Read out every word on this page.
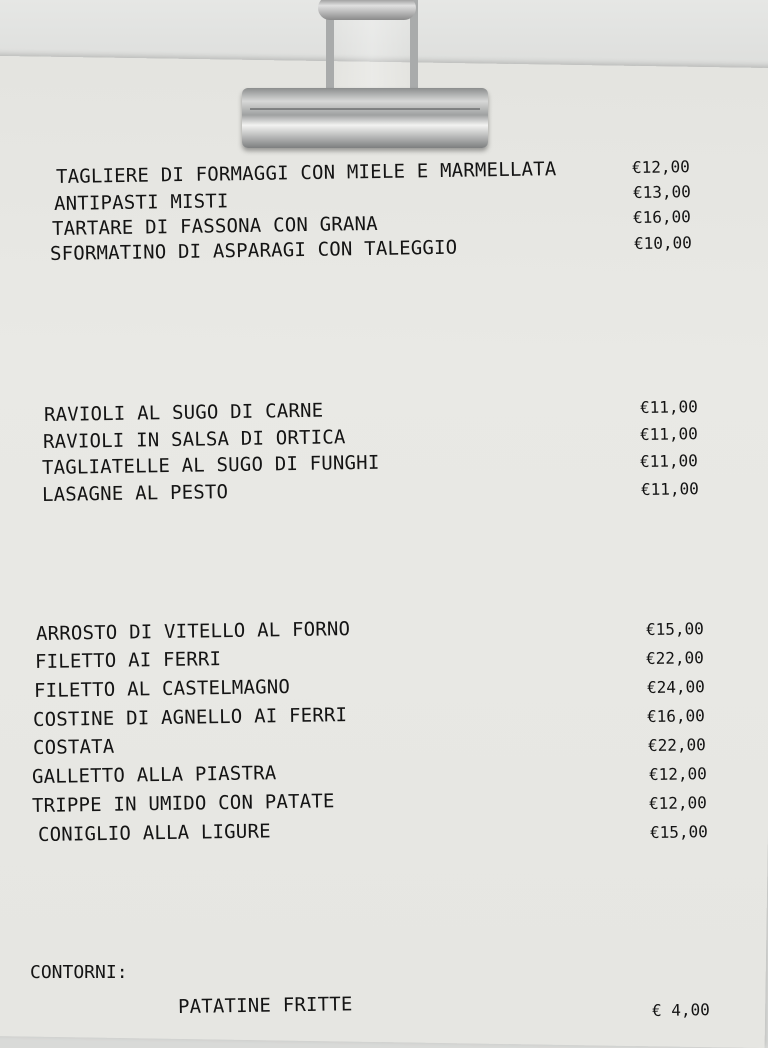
TAGLIERE DI FORMAGGI CON MIELE E MARMELLATA	€12,00
ANTIPASTI MISTI	€13,00
TARTARE DI FASSONA CON GRANA	€16,00
SFORMATINO DI ASPARAGI CON TALEGGIO	€10,00
RAVIOLI AL SUGO DI CARNE	€11,00
RAVIOLI IN SALSA DI ORTICA	€11,00
TAGLIATELLE AL SUGO DI FUNGHI	€11,00
LASAGNE AL PESTO	€11,00
ARROSTO DI VITELLO AL FORNO	€15,00
FILETTO AI FERRI	€22,00
FILETTO AL CASTELMAGNO	€24,00
COSTINE DI AGNELLO AI FERRI	€16,00
COSTATA	€22,00
GALLETTO ALLA PIASTRA	€12,00
TRIPPE IN UMIDO CON PATATE	€12,00
CONIGLIO ALLA LIGURE	€15,00
CONTORNI:
PATATINE FRITTE	€ 4,00
